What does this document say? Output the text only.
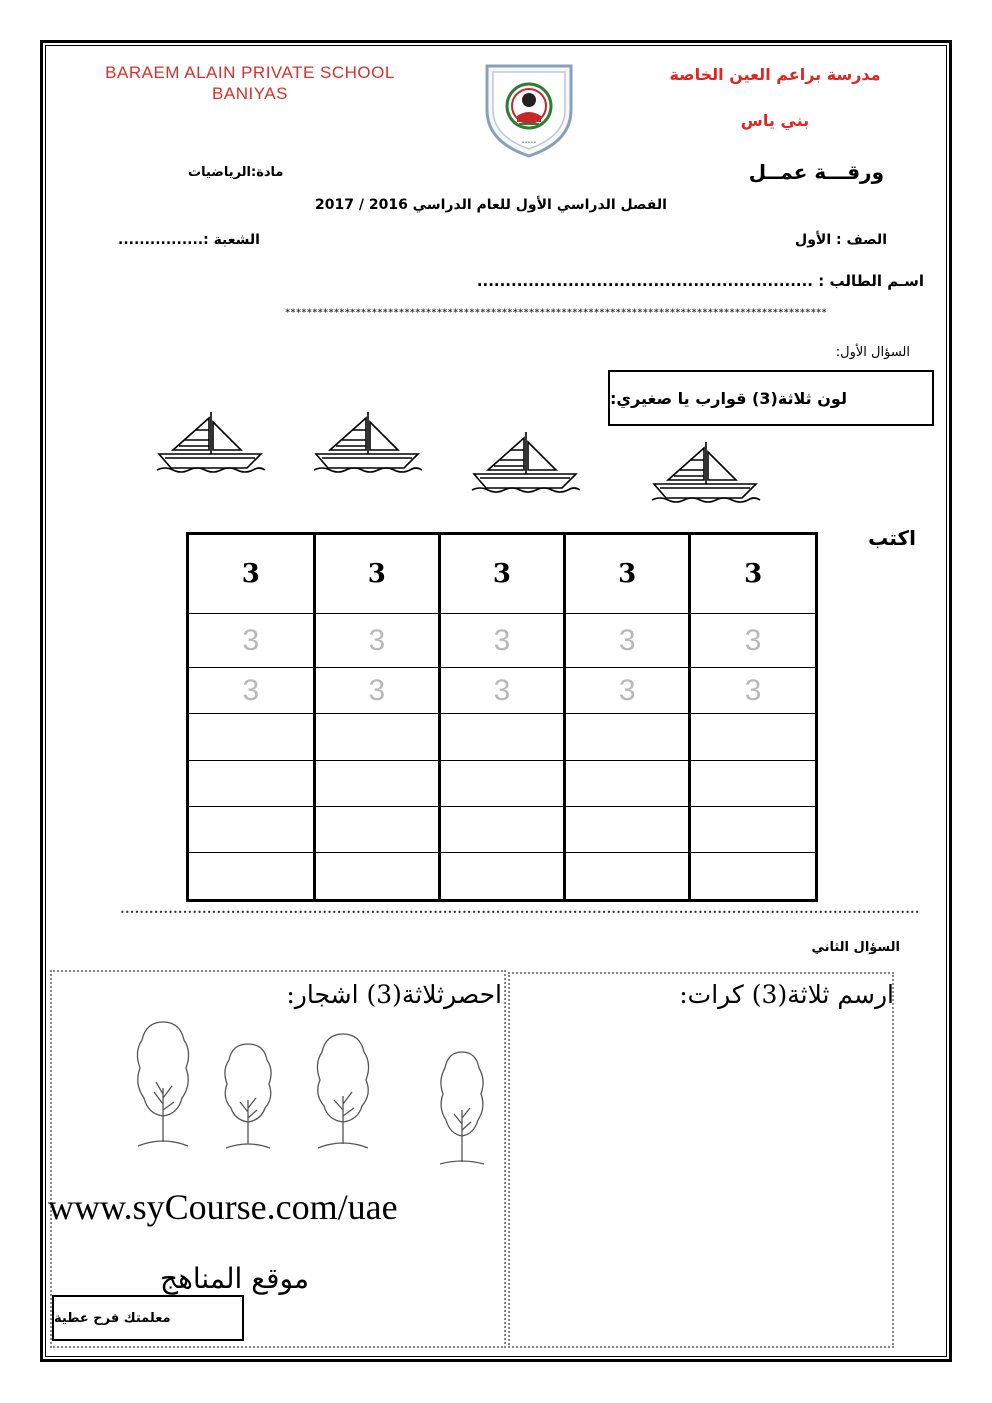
BARAEM ALAIN PRIVATE SCHOOL
BANIYAS
مدرسة براعم العين الخاصة
بني ياس
•••••
ورقـــة عمــل
مادة:الرياضيات
الفصل الدراسي الأول للعام الدراسي 2016 / 2017
الصف : الأول
الشعبة :................
اسـم الطالب : ...........................................................
****************************************************************************************************
السؤال الأول:
لون ثلاثة(3) قوارب يا صغيري:
اكتب
3	3	3	3	3
3	3	3	3	3
3	3	3	3	3

••••••••••••••••••••••••••••••••••••••••••••••••••••••••••••••••••••••••••••••••••••••••••••••••••••••••••••••••••••••••••••••••••••••••••••••••••••••••••••••••••••••
السؤال الثاني
احصرثلاثة(3) اشجار:	ارسم ثلاثة(3) كرات:
www.syCourse.com/uae
موقع المناهج
معلمتك فرح عطية
